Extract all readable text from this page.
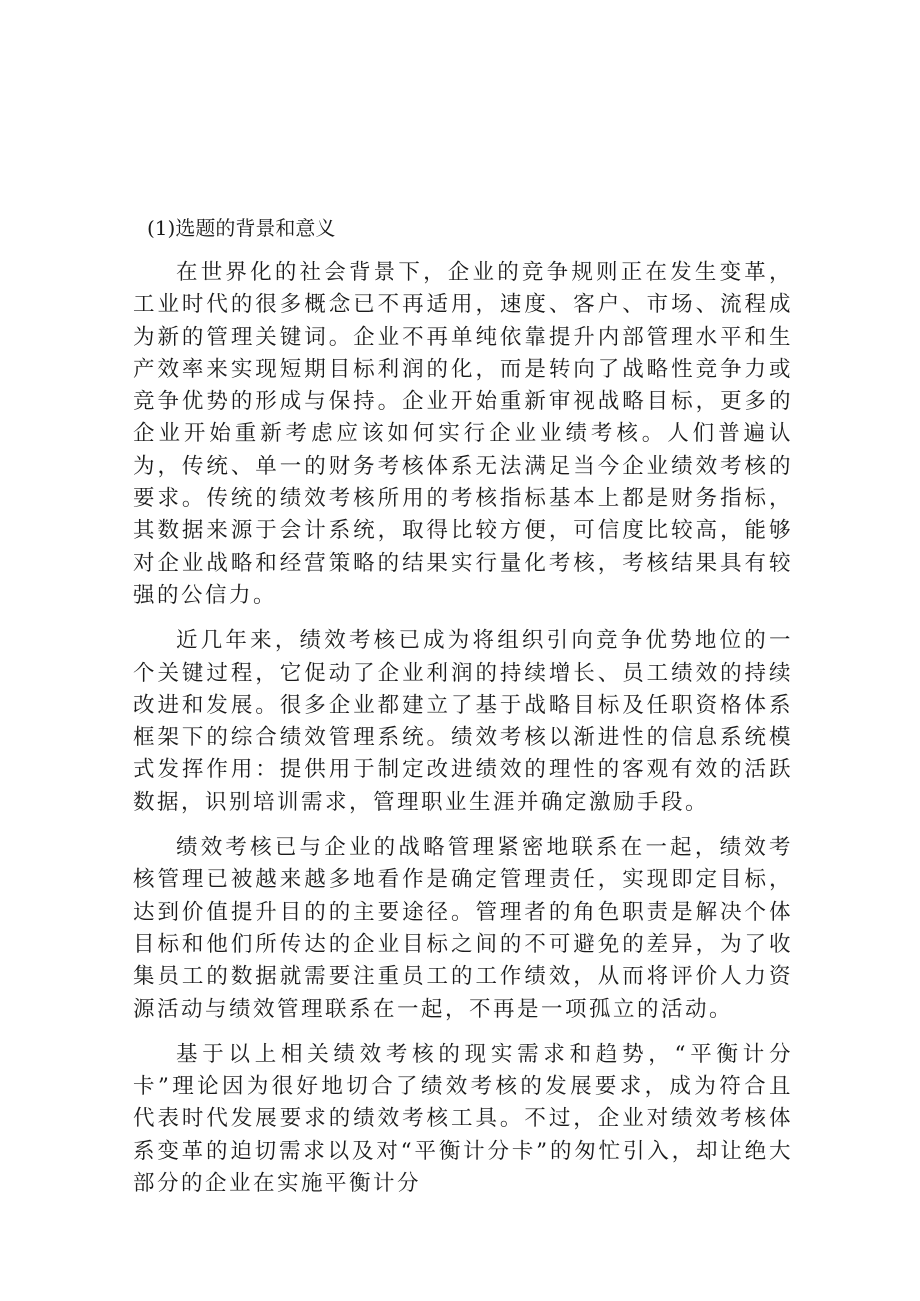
(1)选题的背景和意义

在世界化的社会背景下，企业的竞争规则正在发生变革，工业时代的很多概念已不再适用，速度、客户、市场、流程成为新的管理关键词。企业不再单纯依靠提升内部管理水平和生产效率来实现短期目标利润的化，而是转向了战略性竞争力或竞争优势的形成与保持。企业开始重新审视战略目标，更多的企业开始重新考虑应该如何实行企业业绩考核。人们普遍认为，传统、单一的财务考核体系无法满足当今企业绩效考核的要求。传统的绩效考核所用的考核指标基本上都是财务指标，其数据来源于会计系统，取得比较方便，可信度比较高，能够对企业战略和经营策略的结果实行量化考核，考核结果具有较强的公信力。

近几年来，绩效考核已成为将组织引向竞争优势地位的一个关键过程，它促动了企业利润的持续增长、员工绩效的持续改进和发展。很多企业都建立了基于战略目标及任职资格体系框架下的综合绩效管理系统。绩效考核以渐进性的信息系统模式发挥作用：提供用于制定改进绩效的理性的客观有效的活跃数据，识别培训需求，管理职业生涯并确定激励手段。

绩效考核已与企业的战略管理紧密地联系在一起，绩效考核管理已被越来越多地看作是确定管理责任，实现即定目标，达到价值提升目的的主要途径。管理者的角色职责是解决个体目标和他们所传达的企业目标之间的不可避免的差异，为了收集员工的数据就需要注重员工的工作绩效，从而将评价人力资源活动与绩效管理联系在一起，不再是一项孤立的活动。

基于以上相关绩效考核的现实需求和趋势，“平衡计分卡”理论因为很好地切合了绩效考核的发展要求，成为符合且代表时代发展要求的绩效考核工具。不过，企业对绩效考核体系变革的迫切需求以及对“平衡计分卡”的匆忙引入，却让绝大部分的企业在实施平衡计分
